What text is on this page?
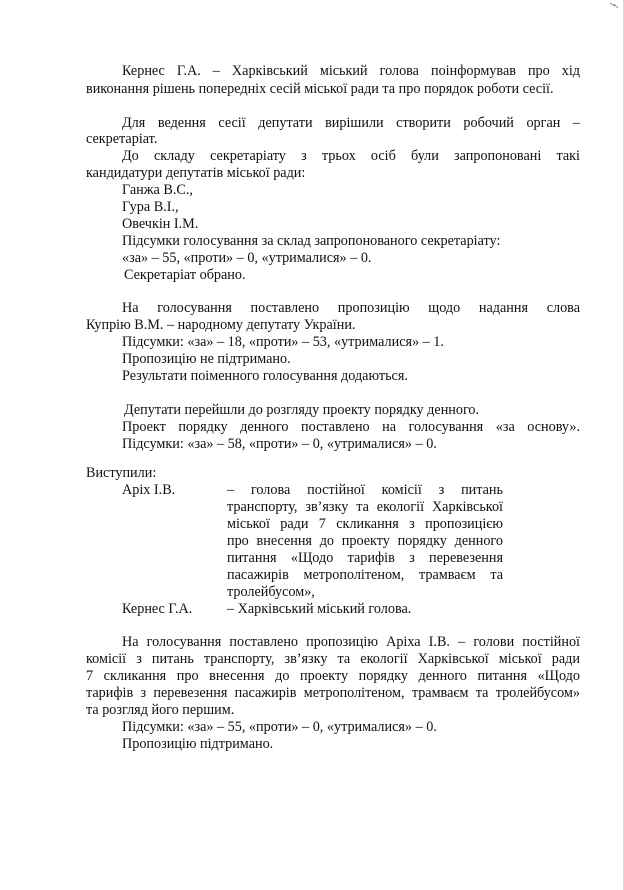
Кернес Г.А. – Харківський міський голова поінформував про хід
виконання рішень попередніх сесій міської ради та про порядок роботи сесії.
Для ведення сесії депутати вирішили створити робочий орган –
секретаріат.
До складу секретаріату з трьох осіб були запропоновані такі
кандидатури депутатів міської ради:
Ганжа В.С.,
Гура В.І.,
Овечкін І.М.
Підсумки голосування за склад запропонованого секретаріату:
«за» – 55, «проти» – 0, «утрималися» – 0.
Секретаріат обрано.
На голосування поставлено пропозицію щодо надання слова
Купрію В.М. – народному депутату України.
Підсумки: «за» – 18, «проти» – 53, «утрималися» – 1.
Пропозицію не підтримано.
Результати поіменного голосування додаються.
Депутати перейшли до розгляду проекту порядку денного.
Проект порядку денного поставлено на голосування «за основу».
Підсумки: «за» – 58, «проти» – 0, «утрималися» – 0.
Виступили:
Аріх І.В.	– голова постійної комісії з питань
транспорту, зв’язку та екології Харківської
міської ради 7 скликання з пропозицією
про внесення до проекту порядку денного
питання «Щодо тарифів з перевезення
пасажирів метрополітеном, трамваєм та
тролейбусом»,
Кернес Г.А. – Харківський міський голова.
На голосування поставлено пропозицію Аріха І.В. – голови постійної
комісії з питань транспорту, зв’язку та екології Харківської міської ради
7 скликання про внесення до проекту порядку денного питання «Щодо
тарифів з перевезення пасажирів метрополітеном, трамваєм та тролейбусом»
та розгляд його першим.
Підсумки: «за» – 55, «проти» – 0, «утрималися» – 0.
Пропозицію підтримано.
